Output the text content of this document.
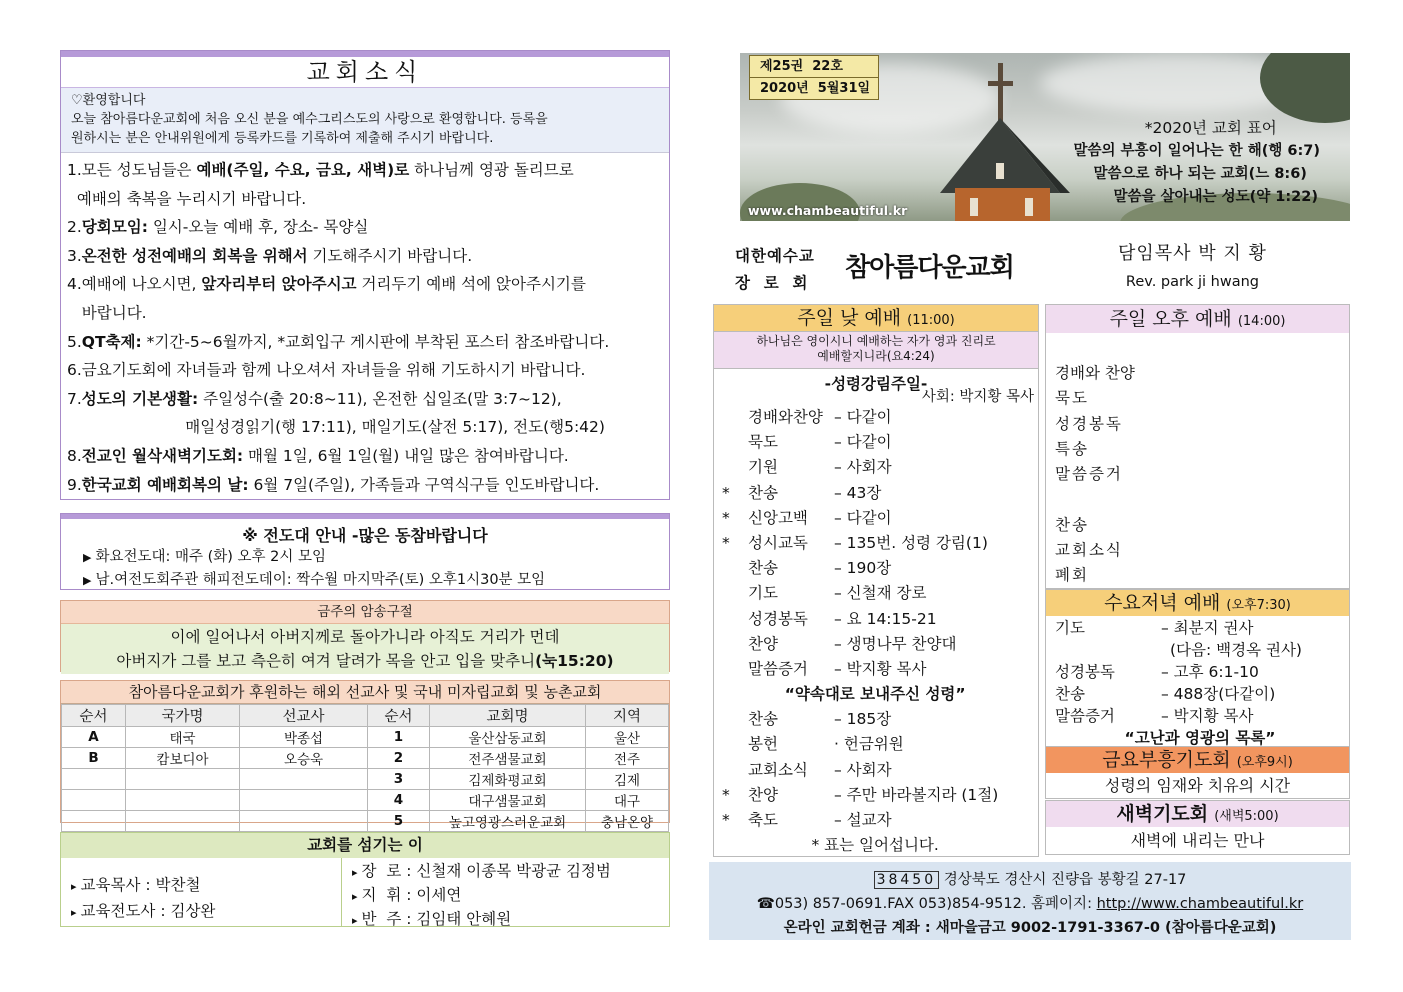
교회소식
♡환영합니다
오늘 참아름다운교회에 처음 오신 분을 예수그리스도의 사랑으로 환영합니다. 등록을
원하시는 분은 안내위원에게 등록카드를 기록하여 제출해 주시기 바랍니다.
1.모든 성도님들은 예배(주일, 수요, 금요, 새벽)로 하나님께 영광 돌리므로
예배의 축복을 누리시기 바랍니다.
2.당회모임: 일시-오늘 예배 후, 장소- 목양실
3.온전한 성전예배의 회복을 위해서 기도해주시기 바랍니다.
4.예배에 나오시면, 앞자리부터 앉아주시고 거리두기 예배 석에 앉아주시기를
바랍니다.
5.QT축제: *기간-5~6월까지, *교회입구 게시판에 부착된 포스터 참조바랍니다.
6.금요기도회에 자녀들과 함께 나오셔서 자녀들을 위해 기도하시기 바랍니다.
7.성도의 기본생활: 주일성수(출 20:8~11), 온전한 십일조(말 3:7~12),
매일성경읽기(행 17:11), 매일기도(살전 5:17), 전도(행5:42)
8.전교인 월삭새벽기도회: 매월 1일, 6월 1일(월) 내일 많은 참여바랍니다.
9.한국교회 예배회복의 날: 6월 7일(주일), 가족들과 구역식구들 인도바랍니다.
※ 전도대 안내 -많은 동참바랍니다
▶ 화요전도대: 매주 (화) 오후 2시 모임
▶ 남.여전도회주관 해피전도데이: 짝수월 마지막주(토) 오후1시30분 모임
금주의 암송구절
이에 일어나서 아버지께로 돌아가니라 아직도 거리가 먼데
아버지가 그를 보고 측은히 여겨 달려가 목을 안고 입을 맞추니(눅15:20)
참아름다운교회가 후원하는 해외 선교사 및 국내 미자립교회 및 농촌교회
순서	국가명	선교사	순서	교회명	지역
A	태국	박종섭	1	울산삼동교회	울산
B	캄보디아	오승욱	2	전주샘물교회	전주
			3	김제화평교회	김제
			4	대구샘물교회	대구
			5	높고영광스러운교회	충남온양
교회를 섬기는 이
▸ 교육목사 : 박찬철
▸ 교육전도사 : 김상완
▸ 장  로 : 신철재 이종목 박광균 김정범
▸ 지  휘 : 이세연
▸ 반  주 : 김임태 안혜원
제25권  22호
2020년  5월31일
www.chambeautiful.kr
*2020년 교회 표어
말씀의 부흥이 일어나는 한 해(행 6:7)
말씀으로 하나 되는 교회(느 8:6)
말씀을 살아내는 성도(약 1:22)
대한예수교
장  로  회 참아름다운교회	담임목사 박 지 황
Rev. park ji hwang
주일 낮 예배 (11:00)
하나님은 영이시니 예배하는 자가 영과 진리로
예배할지니라(요4:24)
-성령강림주일-
사회: 박지황 목사
경배와찬양 – 다같이
묵도	– 다같이
기원	– 사회자
* 찬송	– 43장
* 신앙고백 – 다같이
* 성시교독 – 135번. 성령 강림(1)
찬송	– 190장
기도	– 신철재 장로
성경봉독 – 요 14:15-21
찬양	– 생명나무 찬양대
말씀증거 – 박지황 목사
“약속대로 보내주신 성령”
찬송	– 185장
봉헌	· 헌금위원
교회소식 – 사회자
* 찬양	– 주만 바라볼지라 (1절)
* 축도	– 설교자
* 표는 일어섭니다.
주일 오후 예배 (14:00)
경배와 찬양
묵도
성경봉독
특송
말씀증거
찬송
교회소식
폐회
수요저녁 예배 (오후7:30)
기도	– 최분지 권사
(다음: 백경옥 권사)
성경봉독	– 고후 6:1-10
찬송	– 488장(다같이)
말씀증거	– 박지황 목사
“고난과 영광의 목록”
금요부흥기도회 (오후9시)
성령의 임재와 치유의 시간
새벽기도회 (새벽5:00)
새벽에 내리는 만나
38450 경상북도 경산시 진량읍 봉황길 27-17
☎053) 857-0691.FAX 053)854-9512. 홈페이지: http://www.chambeautiful.kr
온라인 교회헌금 계좌 : 새마을금고 9002-1791-3367-0 (참아름다운교회)
